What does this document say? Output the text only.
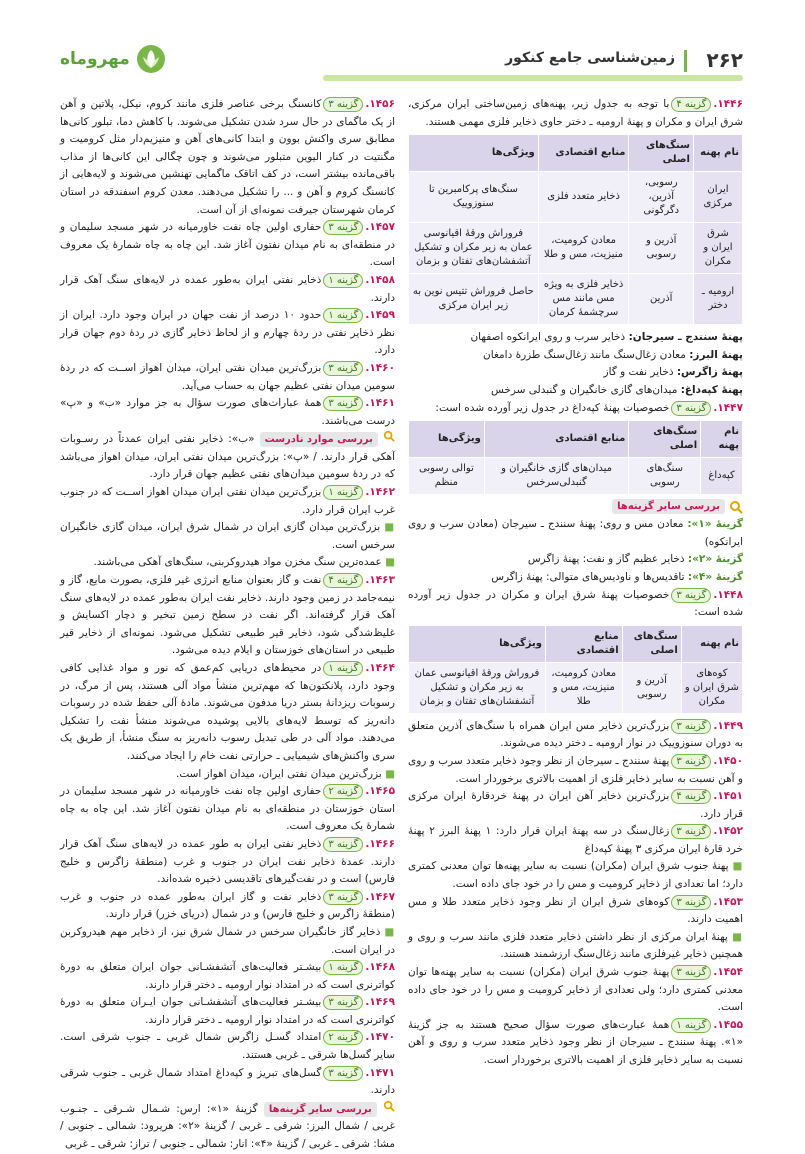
۲۶۲
زمین‌شناسی جامع کنکور
مهروماه

۱۴۴۶.گزینه ۴با توجه به جدول زیر، پهنه‌های زمین‌ساختی ایران مرکزی، شرق ایران و مکران و پهنهٔ ارومیه ـ دختر حاوی ذخایر فلزی مهمی هستند.

نام پهنه	سنگ‌های اصلی	منابع اقتصادی	ویژگی‌ها
ایران مرکزی	رسوبی، آذرین، دگرگونی	ذخایر متعدد فلزی	سنگ‌های پرکامبرین تا سنوزوییک
شرق ایران و مکران	آذرین و رسوبی	معادن کرومیت، منیزیت، مس و طلا	فروراش ورقهٔ اقیانوسی عمان به زیر مکران و تشکیل آتشفشان‌های تفتان و بزمان
ارومیه ـ دختر	آذرین	ذخایر فلزی به ویژه مس مانند مس سرچشمهٔ کرمان	حاصل فروراش تتیس نوین به زیر ایران مرکزی

پهنهٔ سنندج ـ سیرجان: ذخایر سرب و روی ایرانکوه اصفهان

پهنهٔ البرز: معادن زغال‌سنگ مانند زغال‌سنگ طزرهٔ دامغان

پهنهٔ زاگرس: ذخایر نفت و گاز

پهنهٔ کپه‌داغ: میدان‌های گازی خانگیران و گنبدلی سرخس

۱۴۴۷.گزینه ۳خصوصیات پهنهٔ کپه‌داغ در جدول زیر آورده شده است:

نام پهنه	سنگ‌های اصلی	منابع اقتصادی	ویژگی‌ها
کپه‌داغ	سنگ‌های رسوبی	میدان‌های گازی خانگیران و گنبدلی‌سرخس	توالی رسوبی منظم
بررسی سایر گزینه‌ها

گزینهٔ «۱»: معادن مس و روی: پهنهٔ سنندج ـ سیرجان (معادن سرب و روی ایرانکوه)

گزینهٔ «۲»: ذخایر عظیم گاز و نفت: پهنهٔ زاگرس

گزینهٔ «۴»: تاقدیس‌ها و ناودیس‌های متوالی: پهنهٔ زاگرس

۱۴۴۸.گزینه ۳خصوصیات پهنهٔ شرق ایران و مکران در جدول زیر آورده شده است:

نام پهنه	سنگ‌های اصلی	منابع اقتصادی	ویژگی‌ها
کوه‌های شرق ایران و مکران	آذرین و رسوبی	معادن کرومیت، منیزیت، مس و طلا	فروراش ورقهٔ اقیانوسی عمان به زیر مکران و تشکیل آتشفشان‌های تفتان و بزمان

۱۴۴۹.گزینه ۳بزرگ‌ترین ذخایر مس ایران همراه با سنگ‌های آذرین متعلق به دوران سنوزوییک در نوار ارومیه ـ دختر دیده می‌شوند.

۱۴۵۰.گزینه ۳پهنهٔ سنندج ـ سیرجان از نظر وجود ذخایر متعدد سرب و روی و آهن نسبت به سایر ذخایر فلزی از اهمیت بالاتری برخوردار است.

۱۴۵۱.گزینه ۴بزرگ‌ترین ذخایر آهن ایران در پهنهٔ خردقارهٔ ایران مرکزی قرار دارد.

۱۴۵۲.گزینه ۳زغال‌سنگ در سه پهنهٔ ایران قرار دارد: ۱ پهنهٔ البرز ۲ پهنهٔ خرد قارهٔ ایران مرکزی ۳ پهنهٔ کپه‌داغ

■ پهنهٔ جنوب شرق ایران (مکران) نسبت به سایر پهنه‌ها توان معدنی کمتری دارد؛ اما تعدادی از ذخایر کرومیت و مس را در خود جای داده است.

۱۴۵۳.گزینه ۳کوه‌های شرق ایران از نظر وجود ذخایر متعدد طلا و مس اهمیت دارند.

■ پهنهٔ ایران مرکزی از نظر داشتن ذخایر متعدد فلزی مانند سرب و روی و همچنین ذخایر غیرفلزی مانند زغال‌سنگ ارزشمند هستند.

۱۴۵۴.گزینه ۳پهنهٔ جنوب شرق ایران (مکران) نسبت به سایر پهنه‌ها توان معدنی کمتری دارد؛ ولی تعدادی از ذخایر کرومیت و مس را در خود جای داده است.

۱۴۵۵.گزینه ۱همهٔ عبارت‌های صورت سؤال صحیح هستند به جز گزینهٔ «۱». پهنهٔ سنندج ـ سیرجان از نظر وجود ذخایر متعدد سرب و روی و آهن نسبت به سایر ذخایر فلزی از اهمیت بالاتری برخوردار است.

۱۴۵۶.گزینه ۳کانسنگ برخی عناصر فلزی مانند کروم، نیکل، پلاتین و آهن از یک ماگمای در حال سرد شدن تشکیل می‌شوند. با کاهش دما، تبلور کانی‌ها مطابق سری واکنش بوون و ابتدا کانی‌های آهن و منیزیم‌دار مثل کرومیت و مگنتیت در کنار الیوین متبلور می‌شوند و چون چگالی این کانی‌ها از مذاب باقی‌مانده بیشتر است، در کف اتاقک ماگمایی تهنشین می‌شوند و لایه‌هایی از کانسنگ کروم و آهن و ... را تشکیل می‌دهند. معدن کروم اسفندقه در استان کرمان شهرستان جیرفت نمونه‌ای از آن است.

۱۴۵۷.گزینه ۳حفاری اولین چاه نفت خاورمیانه در شهر مسجد سلیمان و در منطقه‌ای به نام میدان نفتون آغاز شد. این چاه به چاه شمارهٔ یک معروف است.

۱۴۵۸.گزینه ۱ذخایر نفتی ایران به‌طور عمده در لایه‌های سنگ آهک قرار دارند.

۱۴۵۹.گزینه ۱حدود ۱۰ درصد از نفت جهان در ایران وجود دارد. ایران از نظر ذخایر نفتی در ردهٔ چهارم و از لحاظ ذخایر گازی در ردهٔ دوم جهان قرار دارد.

۱۴۶۰.گزینه ۳بزرگ‌ترین میدان نفتی ایران، میدان اهواز اســت که در ردهٔ سومین میدان نفتی عظیم جهان به حساب می‌آید.

۱۴۶۱.گزینه ۳همهٔ عبارات‌های صورت سؤال به جز موارد «ب» و «پ» درست می‌باشند.

بررسی موارد نادرست «ب»: ذخایر نفتی ایران عمدتاً در رسـوبات آهکی قرار دارند. / «پ»: بزرگ‌ترین میدان نفتی ایران، میدان اهواز می‌باشد که در ردهٔ سومین میدان‌های نفتی عظیم جهان قرار دارد.

۱۴۶۲.گزینه ۱بزرگ‌ترین میدان نفتی ایران میدان اهواز اســت که در جنوب غرب ایران قرار دارد.

■ بزرگ‌ترین میدان گازی ایران در شمال شرق ایران، میدان گازی خانگیران سرخس است.

■ عمده‌ترین سنگ مخزن مواد هیدروکربنی، سنگ‌های آهکی می‌باشند.

۱۴۶۳.گزینه ۴نفت و گاز بعنوان منابع انرژی غیر فلزی، بصورت مایع، گاز و نیمه‌جامد در زمین وجود دارند. ذخایر نفت ایران به‌طور عمده در لایه‌های سنگ آهک قرار گرفته‌اند. اگر نفت در سطح زمین تبخیر و دچار اکسایش و غلیظ‌شدگی شود، ذخایر قیر طبیعی تشکیل می‌شود. نمونه‌ای از ذخایر قیر طبیعی در استان‌های خوزستان و ایلام دیده می‌شود.

۱۴۶۴.گزینه ۱در محیط‌های دریایی کم‌عمق که نور و مواد غذایی کافی وجود دارد، پلانکتون‌ها که مهم‌ترین منشأ مواد آلی هستند، پس از مرگ، در رسوبات ریزدانهٔ بستر دریا مدفون می‌شوند. مادهٔ آلی حفظ شده در رسوبات دانه‌ریز که توسط لایه‌های بالایی پوشیده می‌شوند منشأ نفت را تشکیل می‌دهند. مواد آلی در طی تبدیل رسوب دانه‌ریز به سنگ منشأ، از طریق یک سری واکنش‌های شیمیایی ـ حرارتی نفت خام را ایجاد می‌کنند.

■ بزرگ‌ترین میدان نفتی ایران، میدان اهواز است.

۱۴۶۵.گزینه ۲حفاری اولین چاه نفت خاورمیانه در شهر مسجد سلیمان در استان خوزستان در منطقه‌ای به نام میدان نفتون آغاز شد. این چاه به چاه شمارهٔ یک معروف است.

۱۴۶۶.گزینه ۳ذخایر نفتی ایران به طور عمده در لایه‌های سنگ آهک قرار دارند. عمدهٔ ذخایر نفت ایران در جنوب و غرب (منطقهٔ زاگرس و خلیج فارس) است و در نفت‌گیرهای تاقدیسی ذخیره شده‌اند.

۱۴۶۷.گزینه ۳ذخایر نفت و گاز ایران به‌طور عمده در جنوب و غرب (منطقهٔ زاگرس و خلیج فارس) و در شمال (دریای خزر) قرار دارند.

■ ذخایر گاز خانگیران سرخس در شمال شرق نیز، از ذخایر مهم هیدروکربن در ایران است.

۱۴۶۸.گزینه ۱بیشـتر فعالیت‌های آتشفشـانی جوان ایران متعلق به دورهٔ کواترنری است که در امتداد نوار ارومیه ـ دختر قرار دارند.

۱۴۶۹.گزینه ۳بیشـتر فعالیت‌های آتشفشـانی جوان ایـران متعلق به دورهٔ کواترنری است که در امتداد نوار ارومیه ـ دختر قرار دارند.

۱۴۷۰.گزینه ۲امتداد گسـل زاگرس شمال غربی ـ جنوب شرقی است. سایر گسل‌ها شرقی ـ غربی هستند.

۱۴۷۱.گزینه ۳گسل‌های تبریز و کپه‌داغ امتداد شمال غربی ـ جنوب شرقی دارند.

بررسی سایر گزینه‌ها گزینهٔ «۱»: ارس: شـمال شـرقی ـ جنـوب غربی / شمال البرز: شرقی ـ غربی / گزینهٔ «۲»: هریرود: شمالی ـ جنوبی / مشا: شرقی ـ غربی / گزینهٔ «۴»: انار: شمالی ـ جنوبی / تراز: شرقی ـ غربی
